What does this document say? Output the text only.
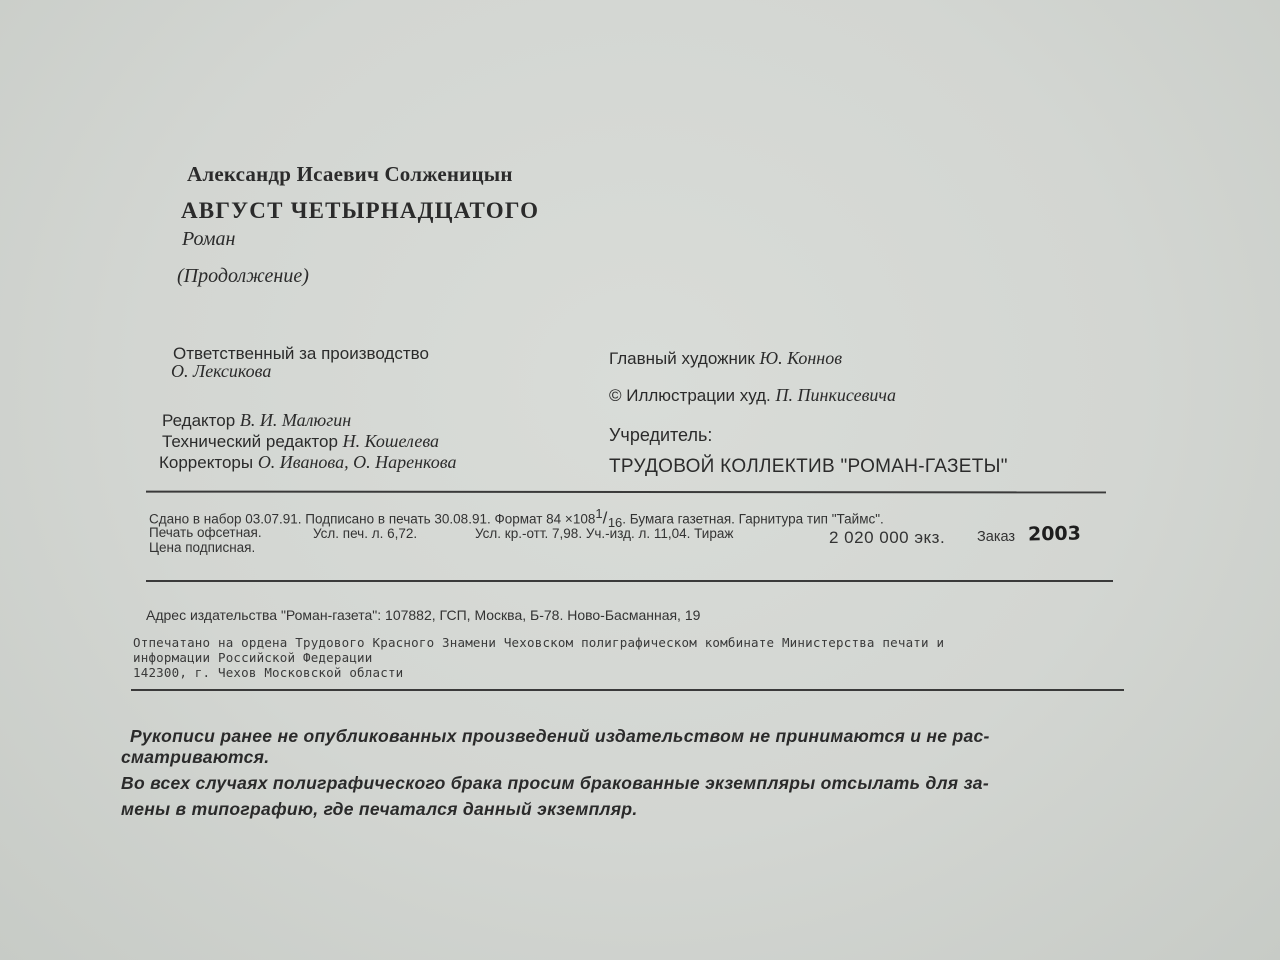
Александр Исаевич Солженицын
АВГУСТ ЧЕТЫРНАДЦАТОГО
Роман
(Продолжение)
Ответственный за производство
О. Лексикова
Редактор В. И. Малюгин
Технический редактор Н. Кошелева
Корректоры О. Иванова, О. Наренкова
Главный художник Ю. Коннов
© Иллюстрации худ. П. Пинкисевича
Учредитель:
ТРУДОВОЙ КОЛЛЕКТИВ "РОМАН-ГАЗЕТЫ"
Сдано в набор 03.07.91. Подписано в печать 30.08.91. Формат $84 \times 108^1/_{16}$. Бумага газетная. Гарнитура тип "Таймс".
Печать офсетная.	Усл. печ. л. 6,72.	Усл. кр.-отт. 7,98. Уч.-изд. л. 11,04. Тираж	2 020 000 экз. Заказ 2003
Цена подписная.
Адрес издательства "Роман-газета": 107882, ГСП, Москва, Б-78. Ново-Басманная, 19
Отпечатано на ордена Трудового Красного Знамени Чеховском полиграфическом комбинате Министерства печати и
информации Российской Федерации
142300, г. Чехов Московской области
Рукописи ранее не опубликованных произведений издательством не принимаются и не рас-
сматриваются.
Во всех случаях полиграфического брака просим бракованные экземпляры отсылать для за-
мены в типографию, где печатался данный экземпляр.
